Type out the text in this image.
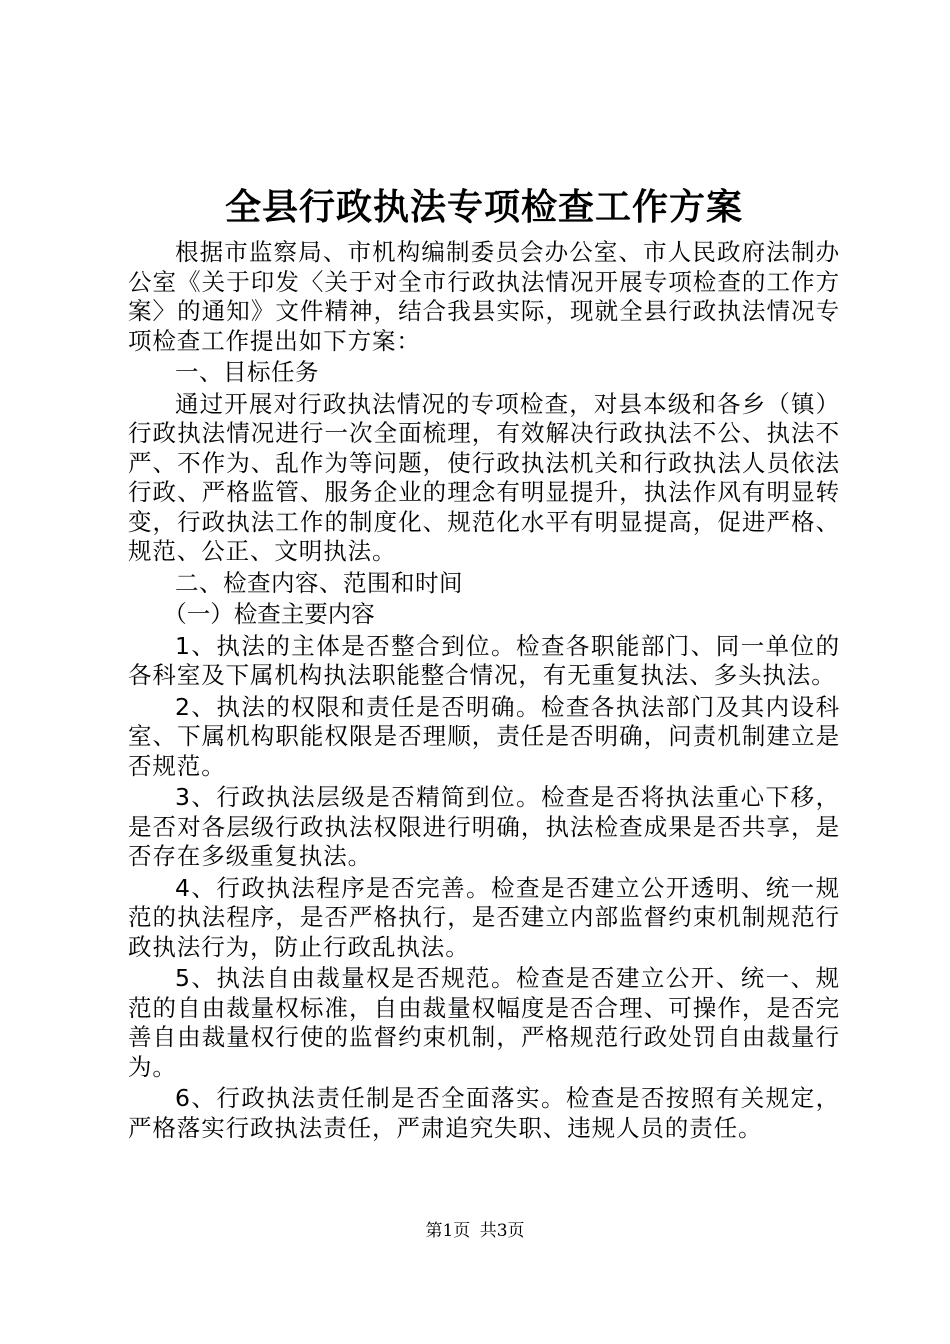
全县行政执法专项检查工作方案

根据市监察局、市机构编制委员会办公室、市人民政府法制办公室《关于印发〈关于对全市行政执法情况开展专项检查的工作方案〉的通知》文件精神，结合我县实际，现就全县行政执法情况专项检查工作提出如下方案：

一、目标任务

通过开展对行政执法情况的专项检查，对县本级和各乡（镇）行政执法情况进行一次全面梳理，有效解决行政执法不公、执法不严、不作为、乱作为等问题，使行政执法机关和行政执法人员依法行政、严格监管、服务企业的理念有明显提升，执法作风有明显转变，行政执法工作的制度化、规范化水平有明显提高，促进严格、规范、公正、文明执法。

二、检查内容、范围和时间

（一）检查主要内容

1、执法的主体是否整合到位。检查各职能部门、同一单位的各科室及下属机构执法职能整合情况，有无重复执法、多头执法。

2、执法的权限和责任是否明确。检查各执法部门及其内设科室、下属机构职能权限是否理顺，责任是否明确，问责机制建立是否规范。

3、行政执法层级是否精简到位。检查是否将执法重心下移，是否对各层级行政执法权限进行明确，执法检查成果是否共享，是否存在多级重复执法。

4、行政执法程序是否完善。检查是否建立公开透明、统一规范的执法程序，是否严格执行，是否建立内部监督约束机制规范行政执法行为，防止行政乱执法。

5、执法自由裁量权是否规范。检查是否建立公开、统一、规范的自由裁量权标准，自由裁量权幅度是否合理、可操作，是否完善自由裁量权行使的监督约束机制，严格规范行政处罚自由裁量行为。

6、行政执法责任制是否全面落实。检查是否按照有关规定，严格落实行政执法责任，严肃追究失职、违规人员的责任。

第1页 共3页
